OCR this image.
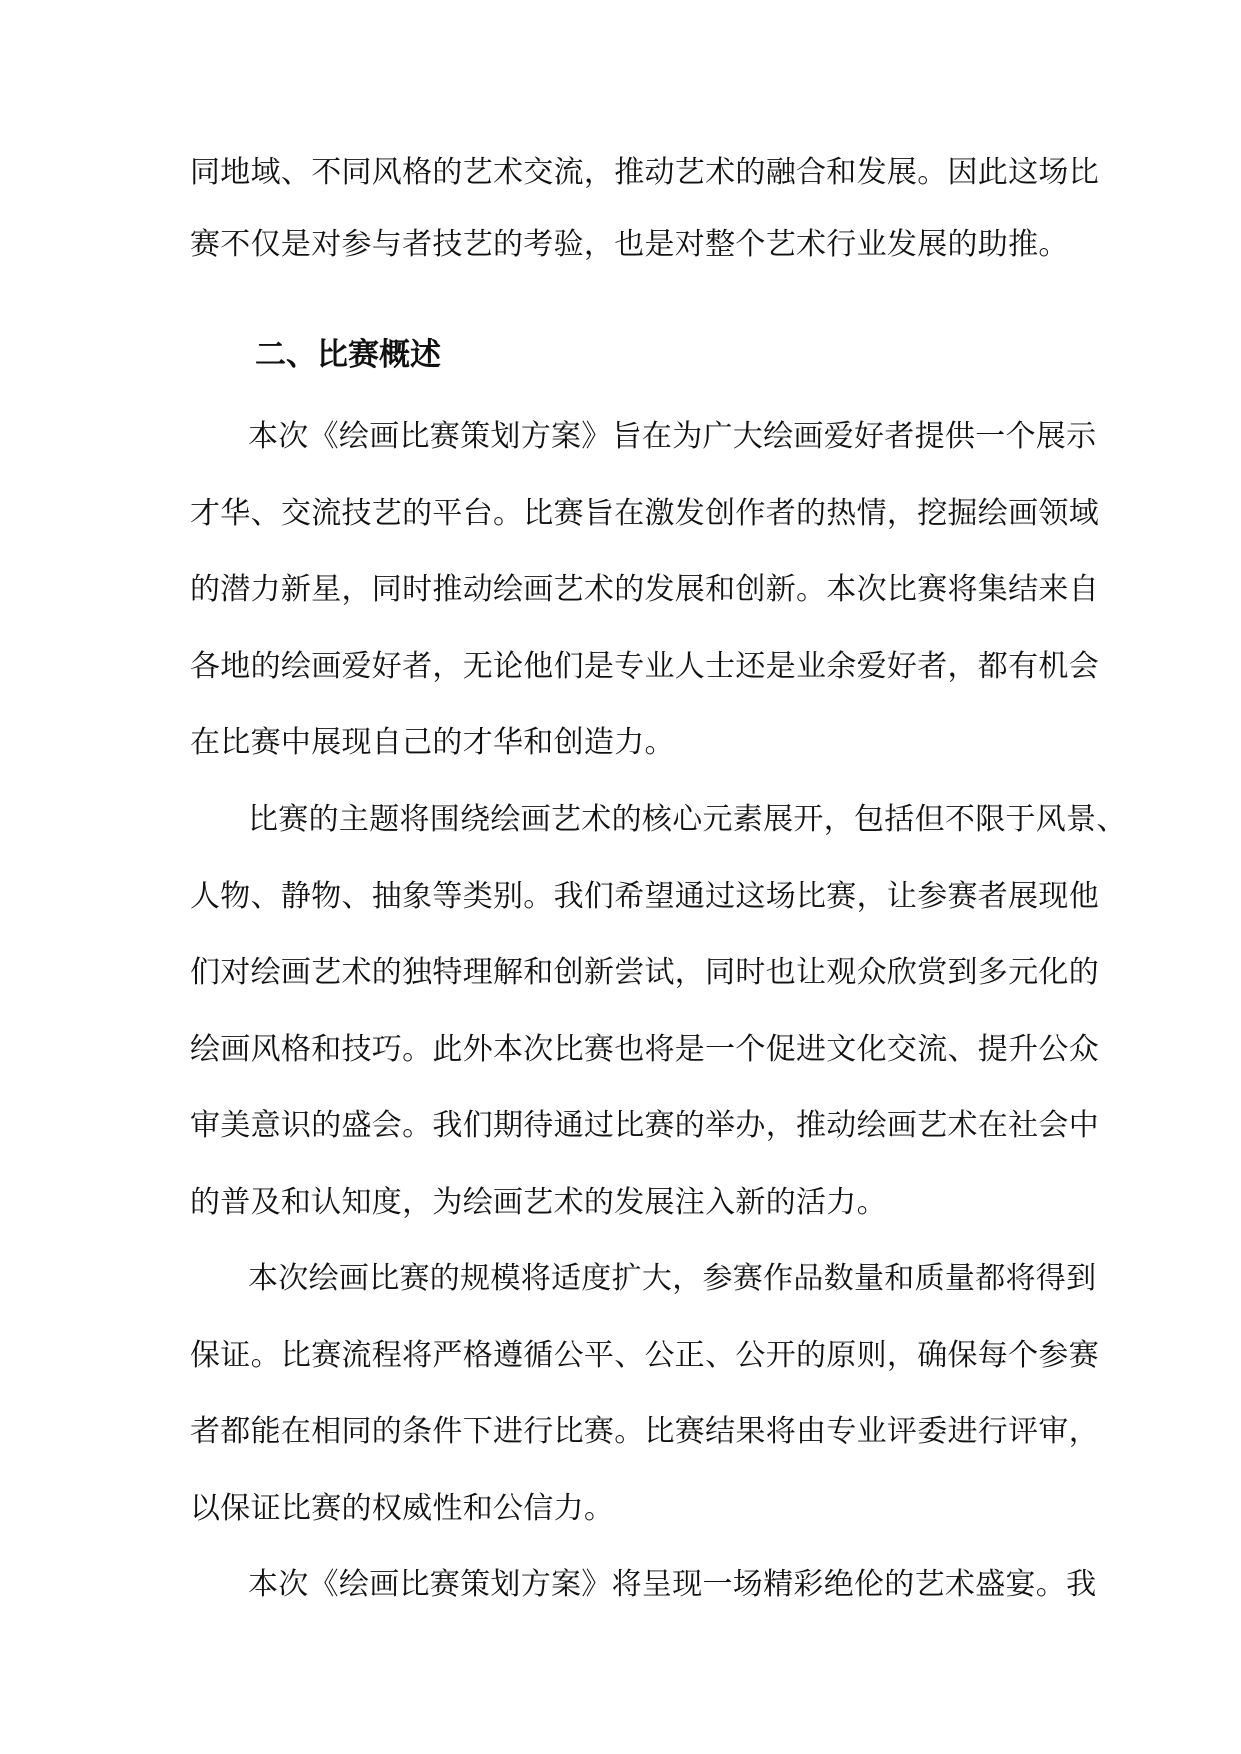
同地域、不同风格的艺术交流，推动艺术的融合和发展。因此这场比
赛不仅是对参与者技艺的考验，也是对整个艺术行业发展的助推。
二、比赛概述
本次《绘画比赛策划方案》旨在为广大绘画爱好者提供一个展示
才华、交流技艺的平台。比赛旨在激发创作者的热情，挖掘绘画领域
的潜力新星，同时推动绘画艺术的发展和创新。本次比赛将集结来自
各地的绘画爱好者，无论他们是专业人士还是业余爱好者，都有机会
在比赛中展现自己的才华和创造力。
比赛的主题将围绕绘画艺术的核心元素展开，包括但不限于风景、
人物、静物、抽象等类别。我们希望通过这场比赛，让参赛者展现他
们对绘画艺术的独特理解和创新尝试，同时也让观众欣赏到多元化的
绘画风格和技巧。此外本次比赛也将是一个促进文化交流、提升公众
审美意识的盛会。我们期待通过比赛的举办，推动绘画艺术在社会中
的普及和认知度，为绘画艺术的发展注入新的活力。
本次绘画比赛的规模将适度扩大，参赛作品数量和质量都将得到
保证。比赛流程将严格遵循公平、公正、公开的原则，确保每个参赛
者都能在相同的条件下进行比赛。比赛结果将由专业评委进行评审，
以保证比赛的权威性和公信力。
本次《绘画比赛策划方案》将呈现一场精彩绝伦的艺术盛宴。我
